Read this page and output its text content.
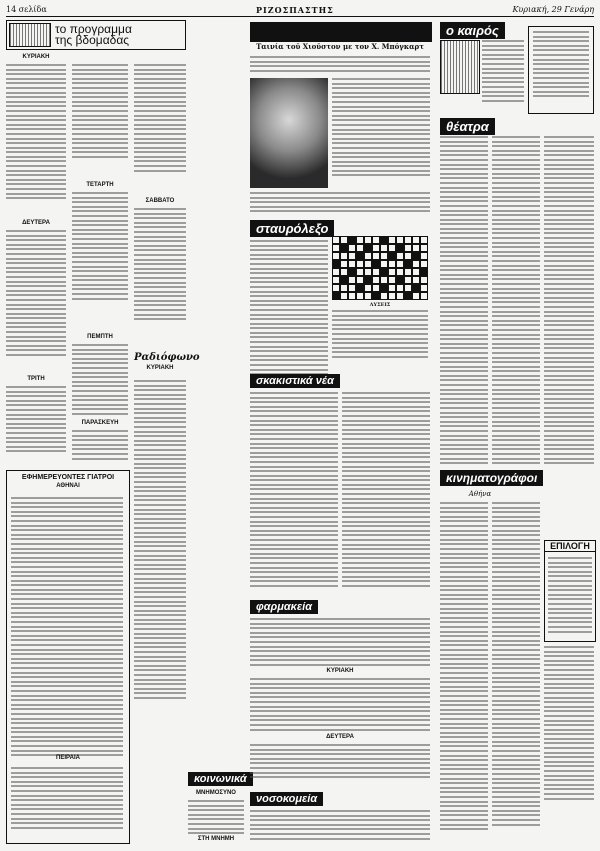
14 σελίδα	ΡΙΖΟΣΠΑΣΤΗΣ	Κυριακή, 29 Γενάρη
το προγραμμα
της βδομαδας
ΚΥΡΙΑΚΗ
ΔΕΥΤΕΡΑ
ΤΡΙΤΗ
ΤΕΤΑΡΤΗ
ΠΕΜΠΤΗ
ΠΑΡΑΣΚΕΥΗ
ΣΑΒΒΑΤΟ
Ραδιόφωνο
ΚΥΡΙΑΚΗ
ΕΦΗΜΕΡΕΥΟΝΤΕΣ ΓΙΑΤΡΟΙ
ΑΘΗΝΑΙ
ΠΕΙΡΑΙΑ
κοινωνικά
ΜΝΗΜΟΣΥΝΟ
ΣΤΗ ΜΝΗΜΗ
Ταινία τοῦ Χιοῦστον με τον Χ. Μπόγκαρτ
σταυρόλεξο
ΛΥΣΕΙΣ
σκακιστικά νέα
φαρμακεία
ΚΥΡΙΑΚΗ
ΔΕΥΤΕΡΑ
νοσοκομεία
ο καιρός
θέατρα
κινηματογράφοι
Αθήνα
ΕΠΙΛΟΓΗ
